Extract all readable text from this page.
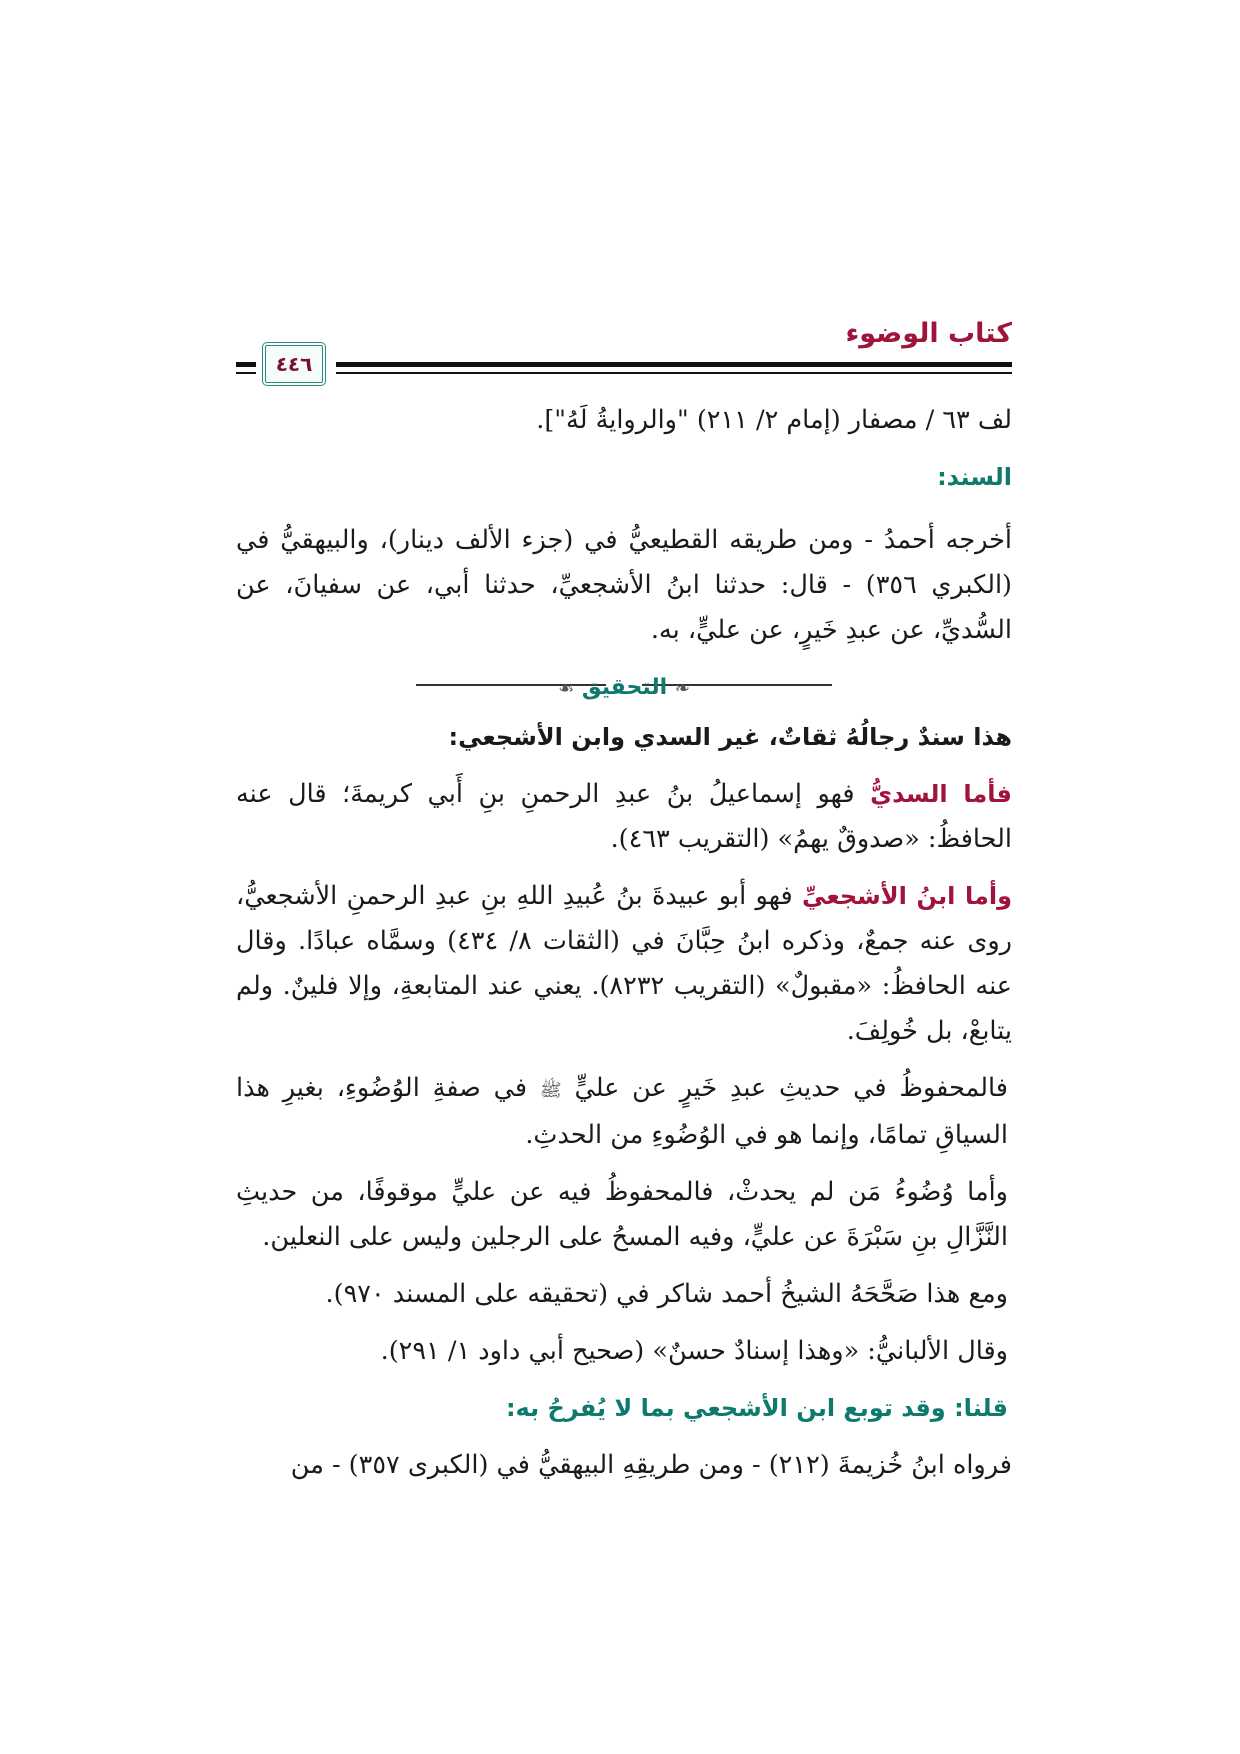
كتاب الوضوء
٤٤٦

لف ٦٣ / مصفار (إمام ٢/ ٢١١) "والروايةُ لَهُ"].

السند:

أخرجه أحمدُ - ومن طريقه القطيعيُّ في (جزء الألف دينار)، والبيهقيُّ في (الكبري ٣٥٦) - قال: حدثنا ابنُ الأشجعيِّ، حدثنا أبي، عن سفيانَ، عن السُّديِّ، عن عبدِ خَيرٍ، عن عليٍّ، به.

❧ التحقيق ☙

هذا سندٌ رجالُهُ ثقاتٌ، غير السدي وابن الأشجعي:

فأما السديُّ فهو إسماعيلُ بنُ عبدِ الرحمنِ بنِ أَبي كريمةَ؛ قال عنه الحافظُ: «صدوقٌ يهمُ» (التقريب ٤٦٣).

وأما ابنُ الأشجعيِّ فهو أبو عبيدةَ بنُ عُبيدِ اللهِ بنِ عبدِ الرحمنِ الأشجعيُّ، روى عنه جمعٌ، وذكره ابنُ حِبَّانَ في (الثقات ٨/ ٤٣٤) وسمَّاه عبادًا. وقال عنه الحافظُ: «مقبولٌ» (التقريب ٨٢٣٢). يعني عند المتابعةِ، وإلا فلينٌ. ولم يتابعْ، بل خُولِفَ.

فالمحفوظُ في حديثِ عبدِ خَيرٍ عن عليٍّ ﷺ في صفةِ الوُضُوءِ، بغيرِ هذا السياقِ تمامًا، وإنما هو في الوُضُوءِ من الحدثِ.

وأما وُضُوءُ مَن لم يحدثْ، فالمحفوظُ فيه عن عليٍّ موقوفًا، من حديثِ النَّزَّالِ بنِ سَبْرَةَ عن عليٍّ، وفيه المسحُ على الرجلين وليس على النعلين.

ومع هذا صَحَّحَهُ الشيخُ أحمد شاكر في (تحقيقه على المسند ٩٧٠).

وقال الألبانيُّ: «وهذا إسنادٌ حسنٌ» (صحيح أبي داود ١/ ٢٩١).

قلنا: وقد توبع ابن الأشجعي بما لا يُفرحُ به:

فرواه ابنُ خُزيمةَ (٢١٢) - ومن طريقِهِ البيهقيُّ في (الكبرى ٣٥٧) - من
